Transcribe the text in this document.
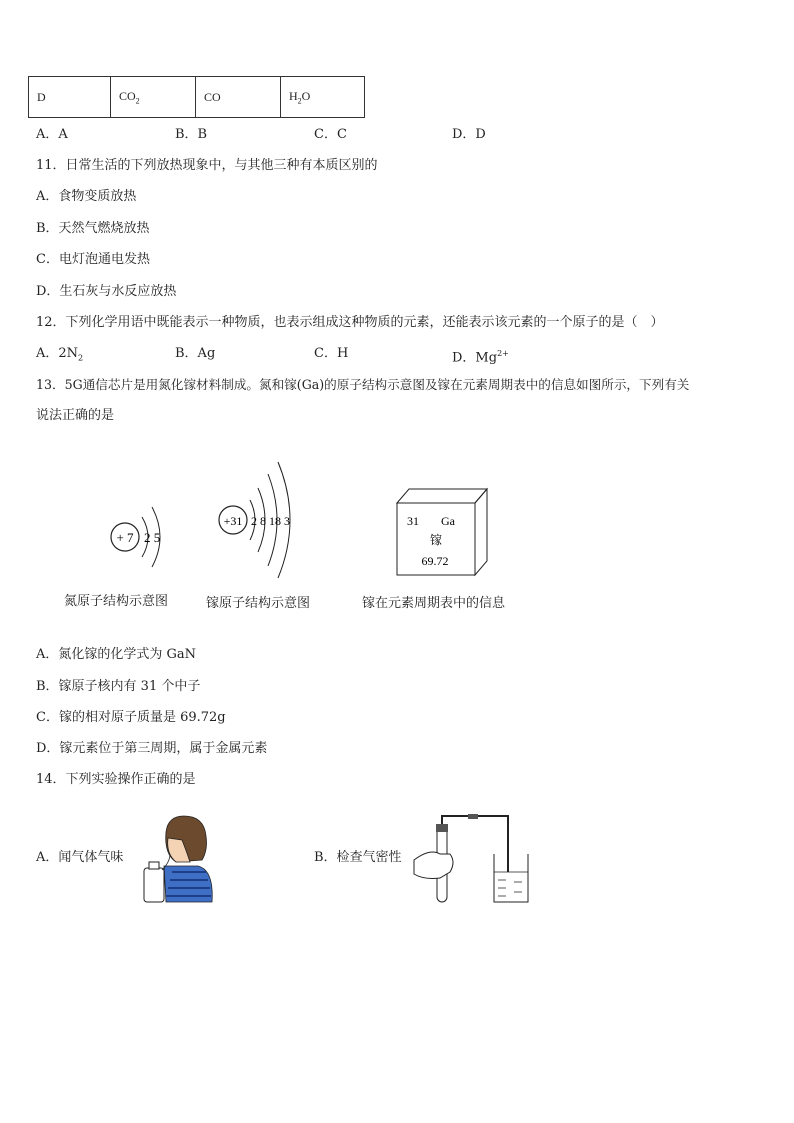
D	$CO_2$	CO	$H_2O$
A．A	B．B	C．C	D．D
11．日常生活的下列放热现象中，与其他三种有本质区别的
A．食物变质放热
B．天然气燃烧放热
C．电灯泡通电发热
D．生石灰与水反应放热
12．下列化学用语中既能表示一种物质，也表示组成这种物质的元素，还能表示该元素的一个原子的是（　）
A．$2N_2$	B．Ag	C．H	D．$Mg^{2+}$
13．5G通信芯片是用氮化镓材料制成。氮和镓(Ga)的原子结构示意图及镓在元素周期表中的信息如图所示，下列有关
说法正确的是
+ 7 2 5
氮原子结构示意图
+31 2 8 18 3
镓原子结构示意图
31 Ga
镓
69.72
镓在元素周期表中的信息
A．氮化镓的化学式为 GaN
B．镓原子核内有 31 个中子
C．镓的相对原子质量是 69.72g
D．镓元素位于第三周期，属于金属元素
14．下列实验操作正确的是
A．闻气体气味	B．检查气密性
